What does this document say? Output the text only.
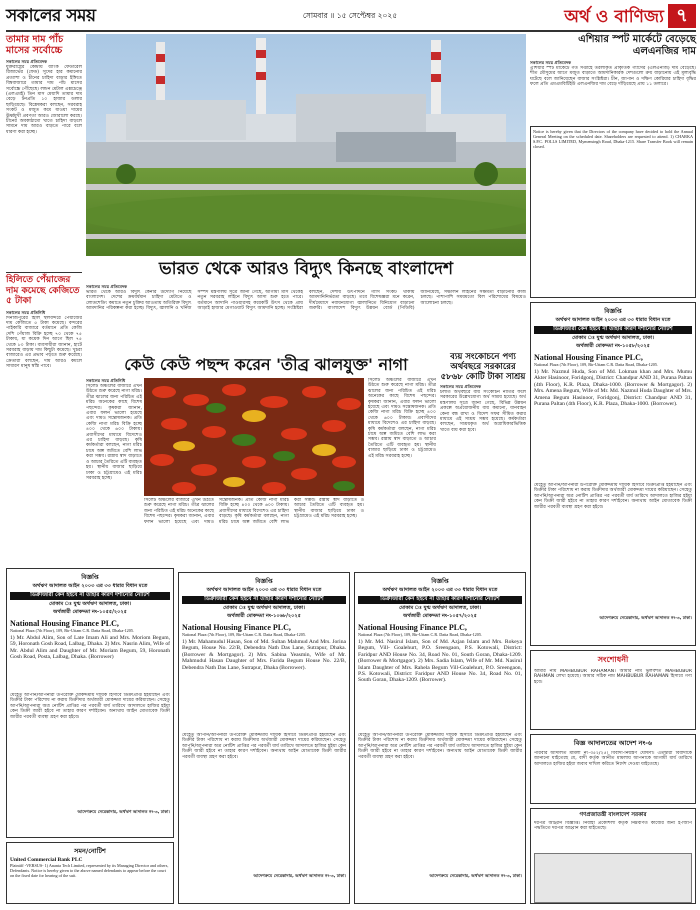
সকালের সময়	সোমবার ॥ ১৫ সেপ্টেম্বর ২০২৫	অর্থ ও বাণিজ্য ৭
তামার দাম পাঁচ মাসের সর্বোচ্চে
সকালের সময় প্রতিবেদক
যুক্তরাষ্ট্রের কেন্দ্রীয় ব্যাংক ফেডারেল রিজার্ভের (ফেড) সুদের হার কমানোর প্রত্যাশা ও চীনের চাহিদা বাড়ার ইঙ্গিতে বিশ্ববাজারে তামার দাম পাঁচ মাসের সর্বোচ্চে পৌঁছেছে। লন্ডন মেটাল এক্সচেঞ্জে (এলএমই) তিন মাস মেয়াদি তামার দাম বেড়ে টনপ্রতি ১০ হাজার ডলার ছাড়িয়েছে। বিশ্লেষকরা বলছেন, সরবরাহ সংকট ও মজুত কমে যাওয়া দামের ঊর্ধ্বমুখী প্রবণতা আরও জোরালো করছে। চীনের অবকাঠামো খাতে চাহিদা বাড়লে সামনে দাম আরও বাড়তে পারে বলে ধারণা করা হচ্ছে।
হিলিতে পেঁয়াজের দাম কমেছে কেজিতে ৫ টাকা
সকালের সময় প্রতিনিধি
দিনাজপুরের হিলি স্থলবন্দরে পেঁয়াজের দাম কেজিতে ৫ টাকা কমেছে। বন্দরের পাইকারি বাজারে বর্তমানে প্রতি কেজি দেশি পেঁয়াজ বিক্রি হচ্ছে ৭০ থেকে ৭৫ টাকায়, যা কয়েক দিন আগে ছিল ৭৫ থেকে ৮০ টাকা। ব্যবসায়ীরা জানান, হাটে সরবরাহ বাড়ায় দাম কিছুটা কমেছে। খুচরা বাজারেও এর প্রভাব পড়তে শুরু করেছে। ক্রেতারা বলছেন, দাম আরও কমলে সাধারণ মানুষ স্বস্তি পাবে।
ভারত থেকে আরও বিদ্যুৎ কিনছে বাংলাদেশ
সকালের সময় প্রতিবেদক
ভারত থেকে আরও বিদ্যুৎ কেনার উদ্যোগ নিয়েছে বাংলাদেশ। দেশের ক্রমবর্ধমান চাহিদা মেটাতে ও লোডশেডিং কমাতে নতুন চুক্তির আওতায় অতিরিক্ত বিদ্যুৎ আমদানির পরিকল্পনা করা হচ্ছে। বিদ্যুৎ, জ্বালানি ও খনিজ সম্পদ মন্ত্রণালয় সূত্রে জানা গেছে, আগামী মাস থেকেই নতুন সরবরাহ লাইনে বিদ্যুৎ আসা শুরু হতে পারে। বর্তমানে আদানি পাওয়ারসহ কয়েকটি উৎস থেকে প্রায় আড়াই হাজার মেগাওয়াট বিদ্যুৎ আমদানি হচ্ছে। সংশ্লিষ্টরা বলছেন, দেশীয় উৎপাদনে গ্যাস সংকট থাকায় আমদানিনির্ভরতা বাড়ছে। তবে বিশেষজ্ঞরা মনে করেন, দীর্ঘমেয়াদে নবায়নযোগ্য জ্বালানিতে বিনিয়োগ বাড়ানো জরুরি। বাংলাদেশ বিদ্যুৎ উন্নয়ন বোর্ড (পিডিবি) জানিয়েছে, সঞ্চালন লাইনের সক্ষমতা বাড়ানোর কাজ চলছে। পাশাপাশি সময়মতো বিল পরিশোধের বিষয়েও আলোচনা চলছে।
কেউ কেউ পছন্দ করেন 'তীব্র ঝালযুক্ত' নাগা
সকালের সময় প্রতিনিধি
সিলেট অঞ্চলের বাজারে এখন উঠতে শুরু করেছে নাগা মরিচ। তীব্র ঝালের জন্য পরিচিত এই মরিচ অনেকের কাছে বিশেষ পছন্দের। কৃষকরা জানান, এবার ফলন ভালো হয়েছে এবং দামও সন্তোষজনক। প্রতি কেজি নাগা মরিচ বিক্রি হচ্ছে ৪০০ থেকে ৬০০ টাকায়। প্রবাসীদের মাধ্যমে বিদেশেও এর চাহিদা বাড়ছে। কৃষি কর্মকর্তারা বলছেন, নাগা মরিচ চাষে অল্প জমিতে বেশি লাভ করা সম্ভব। রান্নায় স্বাদ বাড়াতে ও আচার তৈরিতে এটি ব্যবহৃত হয়। স্থানীয় বাজার ছাড়িয়ে ঢাকা ও চট্টগ্রামেও এই মরিচ সরবরাহ হচ্ছে।
সিলেট অঞ্চলের বাজারে এখন উঠতে শুরু করেছে নাগা মরিচ। তীব্র ঝালের জন্য পরিচিত এই মরিচ অনেকের কাছে বিশেষ পছন্দের। কৃষকরা জানান, এবার ফলন ভালো হয়েছে এবং দামও সন্তোষজনক। প্রতি কেজি নাগা মরিচ বিক্রি হচ্ছে ৪০০ থেকে ৬০০ টাকায়। প্রবাসীদের মাধ্যমে বিদেশেও এর চাহিদা বাড়ছে। কৃষি কর্মকর্তারা বলছেন, নাগা মরিচ চাষে অল্প জমিতে বেশি লাভ করা সম্ভব। রান্নায় স্বাদ বাড়াতে ও আচার তৈরিতে এটি ব্যবহৃত হয়। স্থানীয় বাজার ছাড়িয়ে ঢাকা ও চট্টগ্রামেও এই মরিচ সরবরাহ হচ্ছে।
সিলেট অঞ্চলের বাজারে এখন উঠতে শুরু করেছে নাগা মরিচ। তীব্র ঝালের জন্য পরিচিত এই মরিচ অনেকের কাছে বিশেষ পছন্দের। কৃষকরা জানান, এবার ফলন ভালো হয়েছে এবং দামও সন্তোষজনক। প্রতি কেজি নাগা মরিচ বিক্রি হচ্ছে ৪০০ থেকে ৬০০ টাকায়। প্রবাসীদের মাধ্যমে বিদেশেও এর চাহিদা বাড়ছে। কৃষি কর্মকর্তারা বলছেন, নাগা মরিচ চাষে অল্প জমিতে বেশি লাভ করা সম্ভব। রান্নায় স্বাদ বাড়াতে ও আচার তৈরিতে এটি ব্যবহৃত হয়। স্থানীয় বাজার ছাড়িয়ে ঢাকা ও চট্টগ্রামেও এই মরিচ সরবরাহ হচ্ছে।
ব্যয় সংকোচনে পণ্য অর্থবছরে সরকারের ৫৮৬৮ কোটি টাকা সাশ্রয়
সকালের সময় প্রতিবেদক
চলতি অর্থবছরে ব্যয় সংকোচন নীতির ফলে সরকারের উল্লেখযোগ্য অর্থ সাশ্রয় হয়েছে। অর্থ মন্ত্রণালয় সূত্রে জানা গেছে, বিভিন্ন উন্নয়ন প্রকল্পে অপ্রয়োজনীয় ব্যয় কমানো, যানবাহন কেনা বন্ধ রাখা ও বিদেশ সফর সীমিত করার মাধ্যমে এই সাশ্রয় সম্ভব হয়েছে। কর্মকর্তারা বলছেন, সাশ্রয়কৃত অর্থ অগ্রাধিকারভিত্তিক খাতে ব্যয় করা হবে।
এশিয়ার স্পট মার্কেটে বেড়েছে এলএনজির দাম
সকালের সময় প্রতিবেদক
এশিয়ার স্পট মার্কেটে গত সপ্তাহে তরলীকৃত প্রাকৃতিক গ্যাসের (এলএনজি) দাম বেড়েছে। শীত মৌসুমের আগে মজুত বাড়াতে আমদানিকারক দেশগুলো ক্রয় বাড়ানোয় এই মূল্যবৃদ্ধি ঘটেছে বলে জানিয়েছেন বাজার সংশ্লিষ্টরা। চীন, জাপান ও দক্ষিণ কোরিয়ার চাহিদা বৃদ্ধির ফলে প্রতি এমএমবিটিইউ এলএনজির দাম বেড়ে দাঁড়িয়েছে প্রায় ১১ ডলারে।
Notice is hereby given that the Directors of the company have decided to hold the Annual General Meeting on the scheduled date. Shareholders are requested to attend. 1) CHARKA S.P.C. POLLS LIMITED, Mymensingh Road, Dhaka-1215. Share Transfer Book will remain closed.
বিজ্ঞপ্তি
অর্থঋণ আদালত আইন ২০০৩ এর ৩৩ ধারার বিধান মতে
ডিক্রীজারী কেন হইবে না তাহার কারণ দর্শানোর নোটিশ
মোকাম ঃ যুগ্ম অর্থঋণ আদালত, ঢাকা।
অর্থজারী মোকদ্দমা নং-১০৫৮/২০২৫
National Housing Finance PLC,
National Plaza (7th Floor), 109, Bir-Uttam C.R. Datta Road, Dhaka-1205.
1) Mr. Nazmul Huda, Son of Md. Lokman khan and Mrs. Mumu Akter Hasinoor, Foridgonj, District: Chandpur AND 31, Purana Paltan (4th Floor), K.R. Plaza, Dhaka-1000. (Borrower & Mortgagor). 2) Mrs. Amena Begum, Wife of Mr. Md. Nazmul Huda Daughter of Mrs. Amena Begum Hasinoor, Foridgonj, District: Chandpur AND 31, Purana Paltan (4th Floor), K.R. Plaza, Dhaka-1000. (Borrower).
যেহেতু আপনি/আপনারা উপরোক্ত মোকদ্দমায় দায়িক হিসাবে ডিক্রীপ্রাপ্ত হইয়াছেন এবং ডিক্রীর টাকা পরিশোধ না করায় ডিক্রীদার অর্থজারী মোকদ্দমা দায়ের করিয়াছেন। সেহেতু আপনি/আপনারা অত্র নোটিশ প্রাপ্তির পর পরবর্তী ধার্য তারিখে আদালতে হাজির হইয়া কেন ডিক্রী জারী হইবে না তাহার কারণ দর্শাইবেন। অন্যথায় আইন মোতাবেক ডিক্রী জারীর পরবর্তী ব্যবস্থা গ্রহণ করা হইবে।
আদেশক্রমে সেরেস্তাদার, অর্থঋণ আদালত নং-৩, ঢাকা।
সংশোধনী
আমার নাম MAHBUBUR RAHAMAN। আমার নাম ভুলবশত MAHBUBUR RAHMAN লেখা হয়েছে। আমার সঠিক নাম MAHBUBUR RAHAMAN হিসাবে গণ্য হবে।
বিজ্ঞ আদালতের আদেশ নং-৬
পরিবার আদালত মামলা নং-৩৫২/২৫। বিবাদী-নিয়ন্ত্রণ ঘোষণা। এতদ্বারা বিবাদীকে জানানো যাইতেছে যে, বাদী কর্তৃক আনীত মামলায় আপনাকে আগামী ধার্য তারিখে আদালতে হাজির হইয়া জবাব দাখিল করিতে নির্দেশ দেওয়া যাইতেছে।
গণপ্রজাতন্ত্রী বাংলাদেশ সরকার
দরপত্র আহ্বান বিজ্ঞপ্তি। নির্বাহী প্রকৌশলী কর্তৃক নিম্নবর্ণিত কাজের জন্য ই-জিপি পদ্ধতিতে দরপত্র আহ্বান করা যাইতেছে।
বিজ্ঞপ্তি
অর্থঋণ আদালত আইন ২০০৩ এর ৩৩ ধারার বিধান মতে
ডিক্রীজারী কেন হইবে না তাহার কারণ দর্শানোর নোটিশ
মোকাম ঃ যুগ্ম অর্থঋণ আদালত, ঢাকা।
অর্থজারী মোকদ্দমা নং-১০৫৫/২০২৫
National Housing Finance PLC,
National Plaza (7th Floor), 109, Bir-Uttam C.R. Datta Road, Dhaka-1205.
1) Mr. Abdul Alim, Son of Late Imam Ali and Mrs. Moriom Begum, 59, Horonath Gosh Road, Lalbag, Dhaka. 2) Mrs. Nasrin Alim, Wife of Mr. Abdul Alim and Daughter of Mr. Moriam Begum, 59, Horonath Gosh Road, Posta, Lalbag, Dhaka. (Borrower)
যেহেতু আপনি/আপনারা উপরোক্ত মোকদ্দমায় দায়িক হিসাবে ডিক্রীপ্রাপ্ত হইয়াছেন এবং ডিক্রীর টাকা পরিশোধ না করায় ডিক্রীদার অর্থজারী মোকদ্দমা দায়ের করিয়াছেন। সেহেতু আপনি/আপনারা অত্র নোটিশ প্রাপ্তির পর পরবর্তী ধার্য তারিখে আদালতে হাজির হইয়া কেন ডিক্রী জারী হইবে না তাহার কারণ দর্শাইবেন। অন্যথায় আইন মোতাবেক ডিক্রী জারীর পরবর্তী ব্যবস্থা গ্রহণ করা হইবে।
আদেশক্রমে সেরেস্তাদার, অর্থঋণ আদালত নং-৩, ঢাকা।
সমন/নোটিশ
United Commercial Bank PLC
Plaintiff -VERSUS- 1) Ananta Tech Limited, represented by its Managing Director and others, Defendants. Notice is hereby given to the above named defendants to appear before the court on the fixed date for hearing of the suit.
বিজ্ঞপ্তি
অর্থঋণ আদালত আইন ২০০৩ এর ৩৩ ধারার বিধান মতে
ডিক্রীজারী কেন হইবে না তাহার কারণ দর্শানোর নোটিশ
মোকাম ঃ যুগ্ম অর্থঋণ আদালত, ঢাকা।
অর্থজারী মোকদ্দমা নং-১০৬৮/২০২৫
National Housing Finance PLC,
National Plaza (7th Floor), 109, Bir-Uttam C.R. Datta Road, Dhaka-1205.
1) Mr. Mahamudul Hasan, Son of Md. Sultan Mahmud And Mrs. Jorina Begum, House No. 22/B, Debendra Nath Das Lane, Sutrapur, Dhaka. (Borrower & Mortgagor). 2) Mrs. Sabina Yeasmin, Wife of Mr. Mahmudul Hasan Daughter of Mrs. Farida Begum House No. 22/B, Debendra Nath Das Lane, Sutrapur, Dhaka (Borrower).
যেহেতু আপনি/আপনারা উপরোক্ত মোকদ্দমায় দায়িক হিসাবে ডিক্রীপ্রাপ্ত হইয়াছেন এবং ডিক্রীর টাকা পরিশোধ না করায় ডিক্রীদার অর্থজারী মোকদ্দমা দায়ের করিয়াছেন। সেহেতু আপনি/আপনারা অত্র নোটিশ প্রাপ্তির পর পরবর্তী ধার্য তারিখে আদালতে হাজির হইয়া কেন ডিক্রী জারী হইবে না তাহার কারণ দর্শাইবেন। অন্যথায় আইন মোতাবেক ডিক্রী জারীর পরবর্তী ব্যবস্থা গ্রহণ করা হইবে।
আদেশক্রমে সেরেস্তাদার, অর্থঋণ আদালত নং-৩, ঢাকা।
বিজ্ঞপ্তি
অর্থঋণ আদালত আইন ২০০৩ এর ৩৩ ধারার বিধান মতে
ডিক্রীজারী কেন হইবে না তাহার কারণ দর্শানোর নোটিশ
মোকাম ঃ যুগ্ম অর্থঋণ আদালত, ঢাকা।
অর্থজারী মোকদ্দমা নং-১০৫৭/২০২৫
National Housing Finance PLC,
National Plaza (7th Floor), 109, Bir-Uttam C.R. Datta Road, Dhaka-1205.
1) Mr. Md. Nasirul Islam, Son of Md. Azjan Islam and Mrs. Rokeya Begum, Vill- Goalehurt, P.O. Sreengaon, P.S. Kotowali, District: Faridpur AND House No. 34, Road No. 01, South Goran, Dhaka-1209. (Borrower & Mortgagor). 2) Mrs. Sadia Islam, Wife of Mr. Md. Nasirul Islam Daughter of Mrs. Rahela Begum Vill-Goalehurt, P.O. Sreengaon, P.S. Kotowali, District: Faridpur AND House No. 34, Road No. 01, South Goran, Dhaka-1209. (Borrower).
যেহেতু আপনি/আপনারা উপরোক্ত মোকদ্দমায় দায়িক হিসাবে ডিক্রীপ্রাপ্ত হইয়াছেন এবং ডিক্রীর টাকা পরিশোধ না করায় ডিক্রীদার অর্থজারী মোকদ্দমা দায়ের করিয়াছেন। সেহেতু আপনি/আপনারা অত্র নোটিশ প্রাপ্তির পর পরবর্তী ধার্য তারিখে আদালতে হাজির হইয়া কেন ডিক্রী জারী হইবে না তাহার কারণ দর্শাইবেন। অন্যথায় আইন মোতাবেক ডিক্রী জারীর পরবর্তী ব্যবস্থা গ্রহণ করা হইবে।
আদেশক্রমে সেরেস্তাদার, অর্থঋণ আদালত নং-৩, ঢাকা।
